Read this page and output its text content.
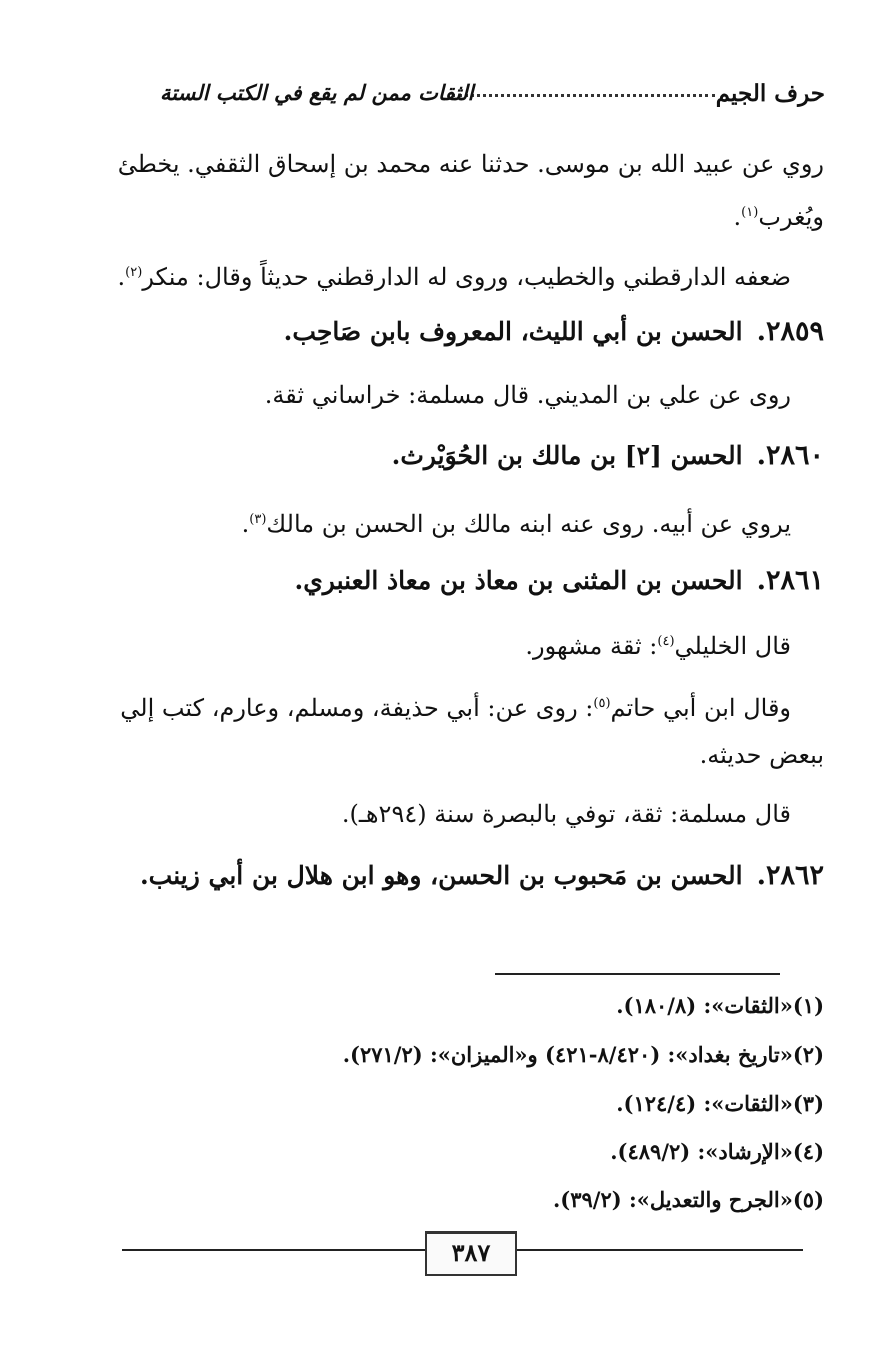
حرف الجيم
الثقات ممن لم يقع في الكتب الستة
روي عن عبيد الله بن موسى. حدثنا عنه محمد بن إسحاق الثقفي. يخطئ
ويُغرب$^{(١)}$.
ضعفه الدارقطني والخطيب، وروى له الدارقطني حديثاً وقال: منكر$^{(٢)}$.
٢٨٥٩.الحسن بن أبي الليث، المعروف بابن صَاحِب.
روى عن علي بن المديني. قال مسلمة: خراساني ثقة.
٢٨٦٠.الحسن [٢] بن مالك بن الحُوَيْرث.
يروي عن أبيه. روى عنه ابنه مالك بن الحسن بن مالك$^{(٣)}$.
٢٨٦١.الحسن بن المثنى بن معاذ بن معاذ العنبري.
قال الخليلي$^{(٤)}$: ثقة مشهور.
وقال ابن أبي حاتم$^{(٥)}$: روى عن: أبي حذيفة، ومسلم، وعارم، كتب إلي
ببعض حديثه.
قال مسلمة: ثقة، توفي بالبصرة سنة (٢٩٤هـ).
٢٨٦٢.الحسن بن مَحبوب بن الحسن، وهو ابن هلال بن أبي زينب.
(١)«الثقات»: (١٨٠/٨).
(٢)«تاريخ بغداد»: (٨/٤٢٠-٤٢١) و«الميزان»: (٢٧١/٢).
(٣)«الثقات»: (١٢٤/٤).
(٤)«الإرشاد»: (٤٨٩/٢).
(٥)«الجرح والتعديل»: (٣٩/٢).
٣٨٧
